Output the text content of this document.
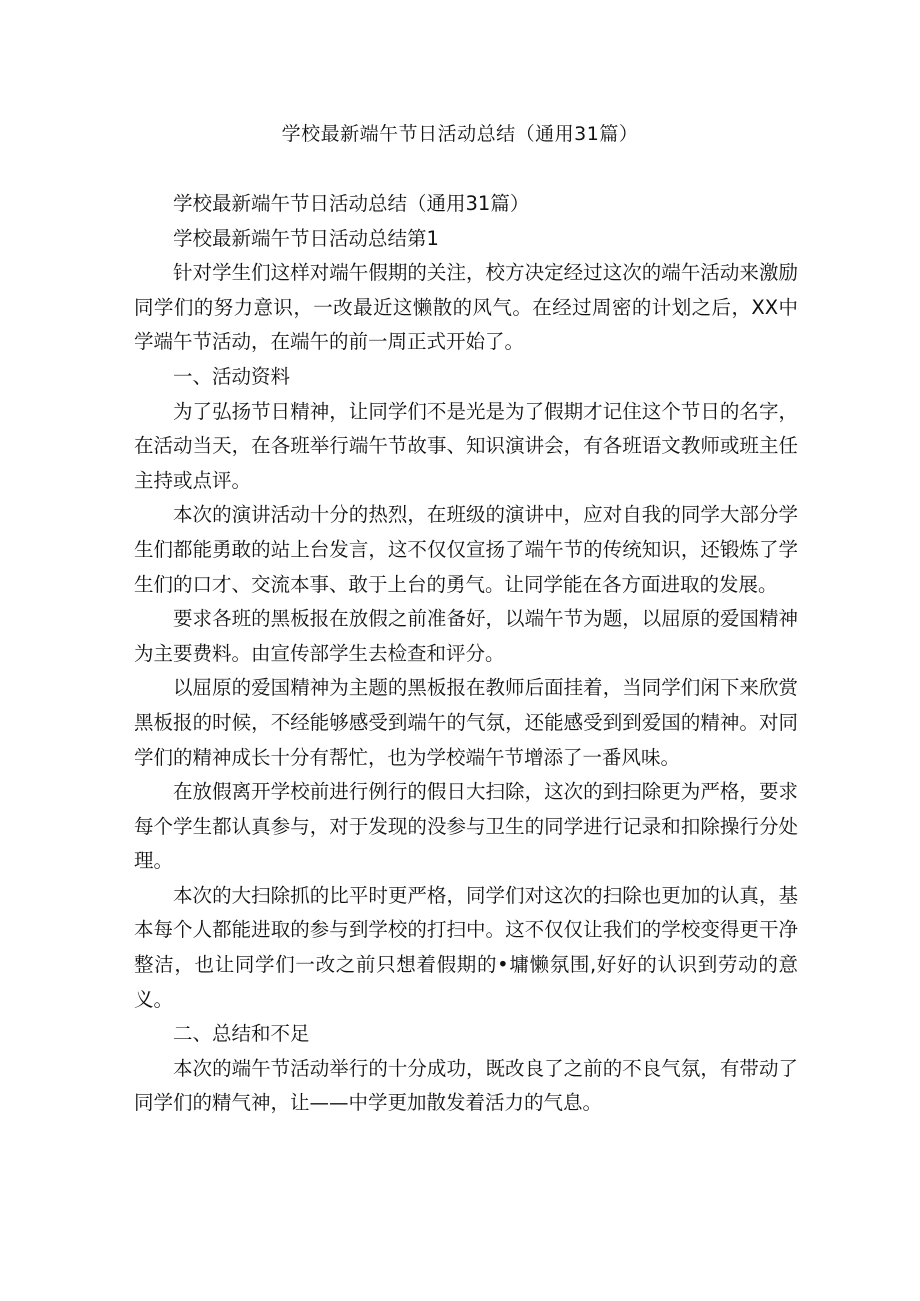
学校最新端午节日活动总结（通用31篇）

学校最新端午节日活动总结（通用31篇）

学校最新端午节日活动总结第1

针对学生们这样对端午假期的关注，校方决定经过这次的端午活动来激励同学们的努力意识，一改最近这懒散的风气。在经过周密的计划之后，XX中学端午节活动，在端午的前一周正式开始了。

一、活动资料

为了弘扬节日精神，让同学们不是光是为了假期才记住这个节日的名字，在活动当天，在各班举行端午节故事、知识演讲会，有各班语文教师或班主任主持或点评。

本次的演讲活动十分的热烈，在班级的演讲中，应对自我的同学大部分学生们都能勇敢的站上台发言，这不仅仅宣扬了端午节的传统知识，还锻炼了学生们的口才、交流本事、敢于上台的勇气。让同学能在各方面进取的发展。

要求各班的黑板报在放假之前准备好，以端午节为题，以屈原的爱国精神为主要费料。由宣传部学生去检查和评分。

以屈原的爱国精神为主题的黑板报在教师后面挂着，当同学们闲下来欣赏黑板报的时候，不经能够感受到端午的气氛，还能感受到到爱国的精神。对同学们的精神成长十分有帮忙，也为学校端午节增添了一番风味。

在放假离开学校前进行例行的假日大扫除，这次的到扫除更为严格，要求每个学生都认真参与，对于发现的没参与卫生的同学进行记录和扣除操行分处理。

本次的大扫除抓的比平时更严格，同学们对这次的扫除也更加的认真，基本每个人都能进取的参与到学校的打扫中。这不仅仅让我们的学校变得更干净整洁，也让同学们一改之前只想着假期的•墉懒氛围,好好的认识到劳动的意义。

二、总结和不足

本次的端午节活动举行的十分成功，既改良了之前的不良气氛，有带动了同学们的精气神，让——中学更加散发着活力的气息。
